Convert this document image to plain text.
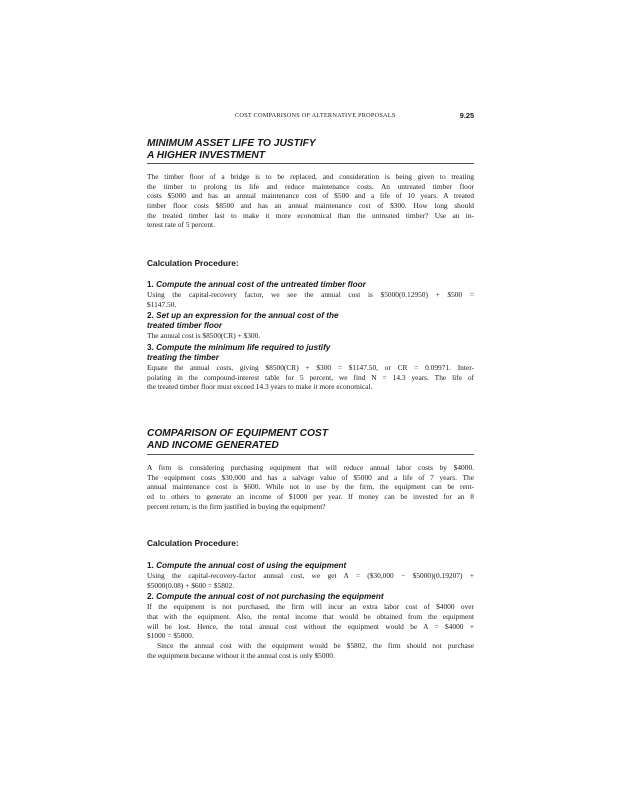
COST COMPARISONS OF ALTERNATIVE PROPOSALS	9.25
MINIMUM ASSET LIFE TO JUSTIFY
A HIGHER INVESTMENT
The timber floor of a bridge is to be replaced, and consideration is being given to treating
the timber to prolong its life and reduce maintenance costs. An untreated timber floor
costs $5000 and has an annual maintenance cost of $500 and a life of 10 years. A treated
timber floor costs $8500 and has an annual maintenance cost of $300. How long should
the treated timber last to make it more economical than the untreated timber? Use an in-
terest rate of 5 percent.
Calculation Procedure:
1. Compute the annual cost of the untreated timber floor
Using the capital-recovery factor, we see the annual cost is $5000(0.12950) + $500 =
$1147.50.
2. Set up an expression for the annual cost of the
treated timber floor
The annual cost is $8500(CR) + $300.
3. Compute the minimum life required to justify
treating the timber
Equate the annual costs, giving $8500(CR) + $300 = $1147.50, or CR = 0.09971. Inter-
polating in the compound-interest table for 5 percent, we find N = 14.3 years. The life of
the treated timber floor must exceed 14.3 years to make it more economical.
COMPARISON OF EQUIPMENT COST
AND INCOME GENERATED
A firm is considering purchasing equipment that will reduce annual labor costs by $4000.
The equipment costs $30,000 and has a salvage value of $5000 and a life of 7 years. The
annual maintenance cost is $600. While not in use by the firm, the equipment can be rent-
ed to others to generate an income of $1000 per year. If money can be invested for an 8
percent return, is the firm justified in buying the equipment?
Calculation Procedure:
1. Compute the annual cost of using the equipment
Using the capital-recovery-factor annual cost, we get A = ($30,000 − $5000)(0.19207) +
$5000(0.08) + $600 = $5802.
2. Compute the annual cost of not purchasing the equipment
If the equipment is not purchased, the firm will incur an extra labor cost of $4000 over
that with the equipment. Also, the rental income that would be obtained from the equipment
will be lost. Hence, the total annual cost without the equipment would be A = $4000 +
$1000 = $5000.
Since the annual cost with the equipment would be $5802, the firm should not purchase
the equipment because without it the annual cost is only $5000.
